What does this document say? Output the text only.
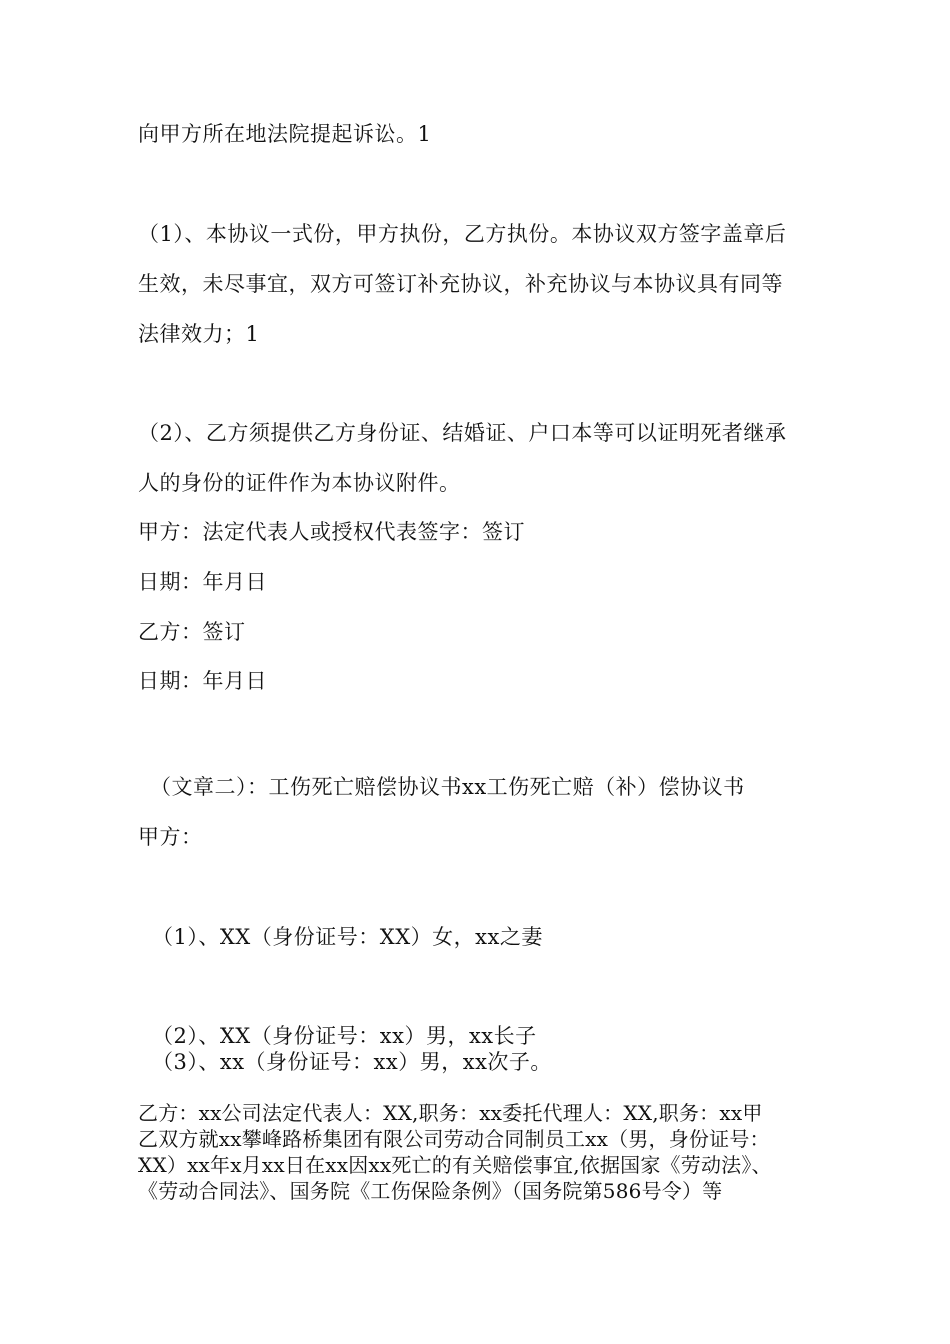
向甲方所在地法院提起诉讼。1
（1）、本协议一式份，甲方执份，乙方执份。本协议双方签字盖章后
生效，未尽事宜，双方可签订补充协议，补充协议与本协议具有同等
法律效力；1
（2）、乙方须提供乙方身份证、结婚证、户口本等可以证明死者继承
人的身份的证件作为本协议附件。
甲方：法定代表人或授权代表签字：签订
日期：年月日
乙方：签订
日期：年月日
（文章二）：工伤死亡赔偿协议书xx工伤死亡赔（补）偿协议书
甲方：
（1）、XX（身份证号：XX）女，xx之妻
（2）、XX（身份证号：xx）男，xx长子
（3）、xx（身份证号：xx）男，xx次子。
乙方：xx公司法定代表人：XX,职务：xx委托代理人：XX,职务：xx甲
乙双方就xx攀峰路桥集团有限公司劳动合同制员工xx（男，身份证号：
XX）xx年x月xx日在xx因xx死亡的有关赔偿事宜,依据国家《劳动法》、
《劳动合同法》、国务院《工伤保险条例》（国务院第586号令）等
